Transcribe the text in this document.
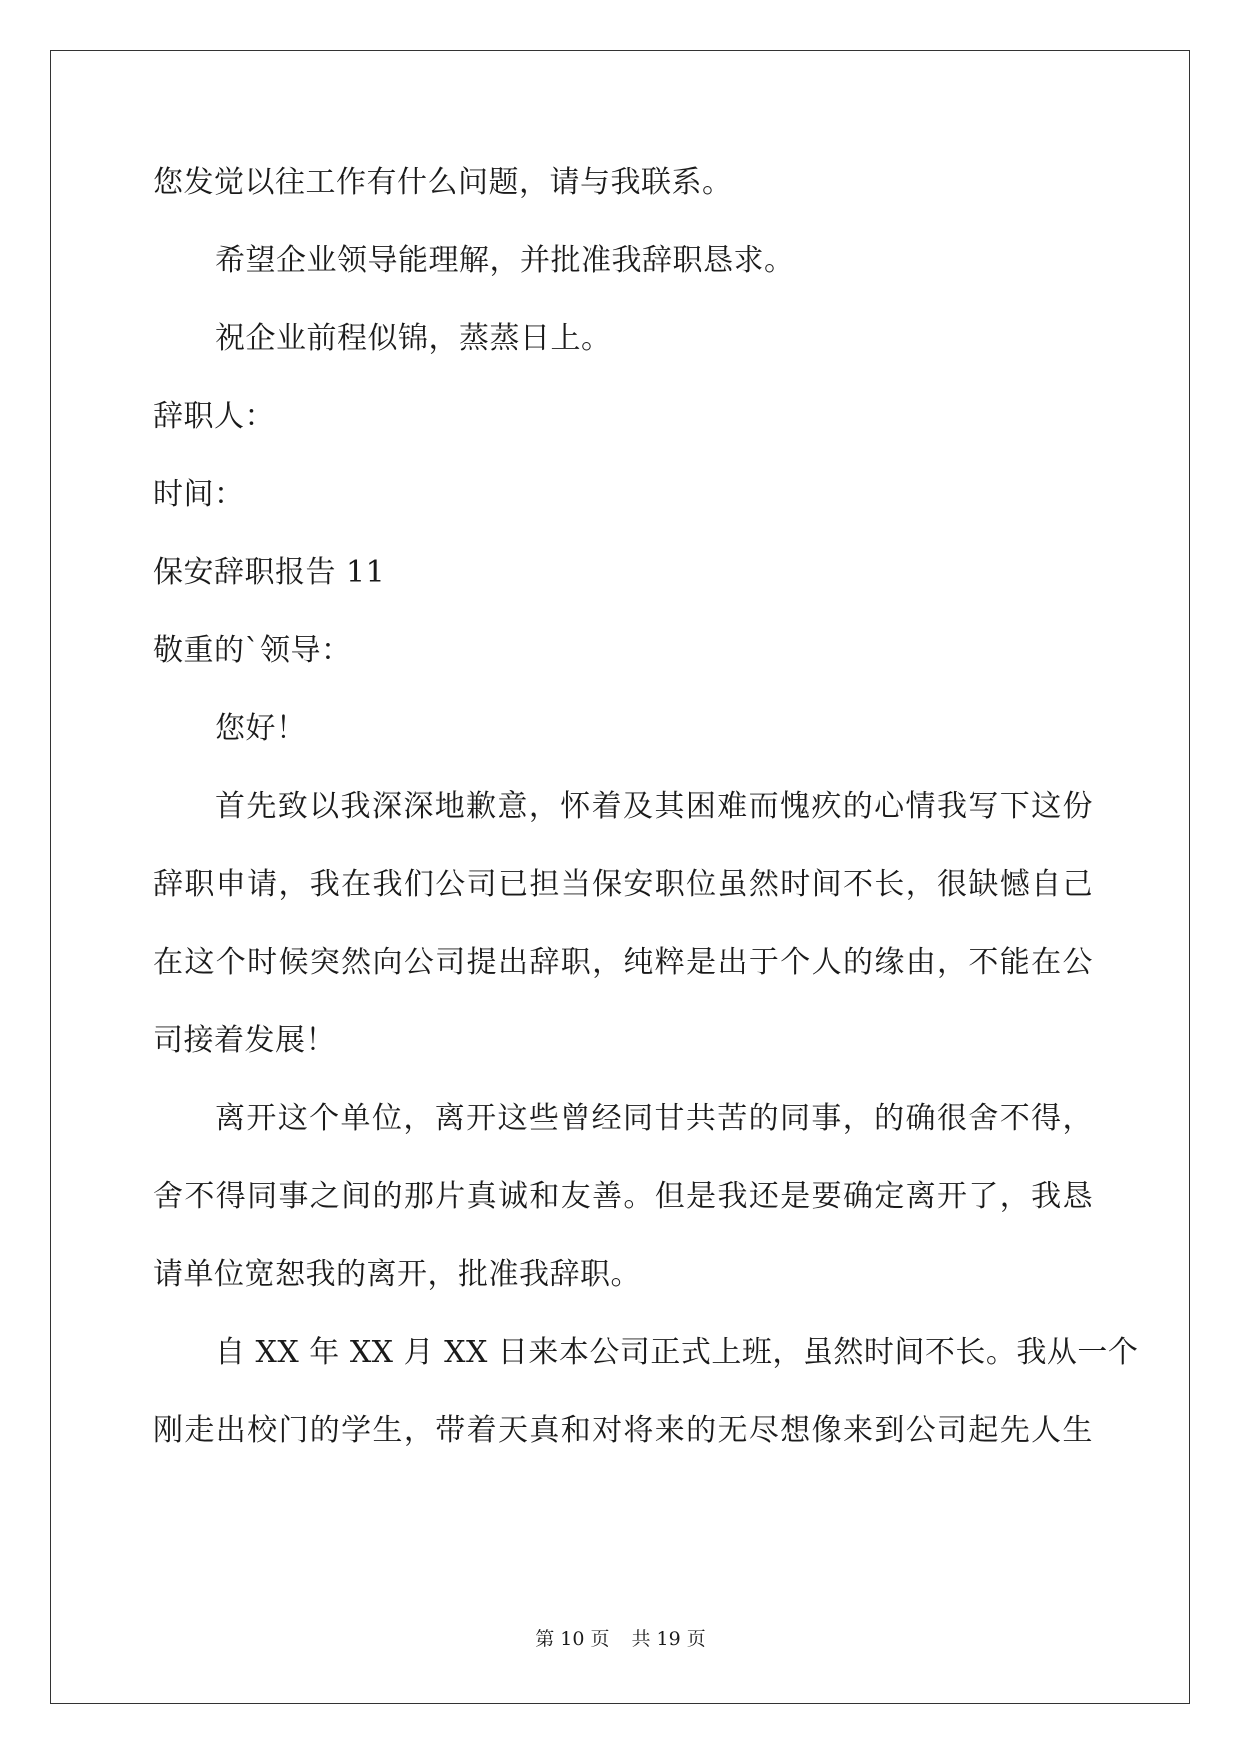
您发觉以往工作有什么问题，请与我联系。
希望企业领导能理解，并批准我辞职恳求。
祝企业前程似锦，蒸蒸日上。
辞职人：
时间：
保安辞职报告 11
敬重的`领导：
您好！
首先致以我深深地歉意，怀着及其困难而愧疚的心情我写下这份
辞职申请，我在我们公司已担当保安职位虽然时间不长，很缺憾自己
在这个时候突然向公司提出辞职，纯粹是出于个人的缘由，不能在公
司接着发展！
离开这个单位，离开这些曾经同甘共苦的同事，的确很舍不得，
舍不得同事之间的那片真诚和友善。但是我还是要确定离开了，我恳
请单位宽恕我的离开，批准我辞职。
自 XX 年 XX 月 XX 日来本公司正式上班，虽然时间不长。我从一个
刚走出校门的学生，带着天真和对将来的无尽想像来到公司起先人生
第 10 页 共 19 页
